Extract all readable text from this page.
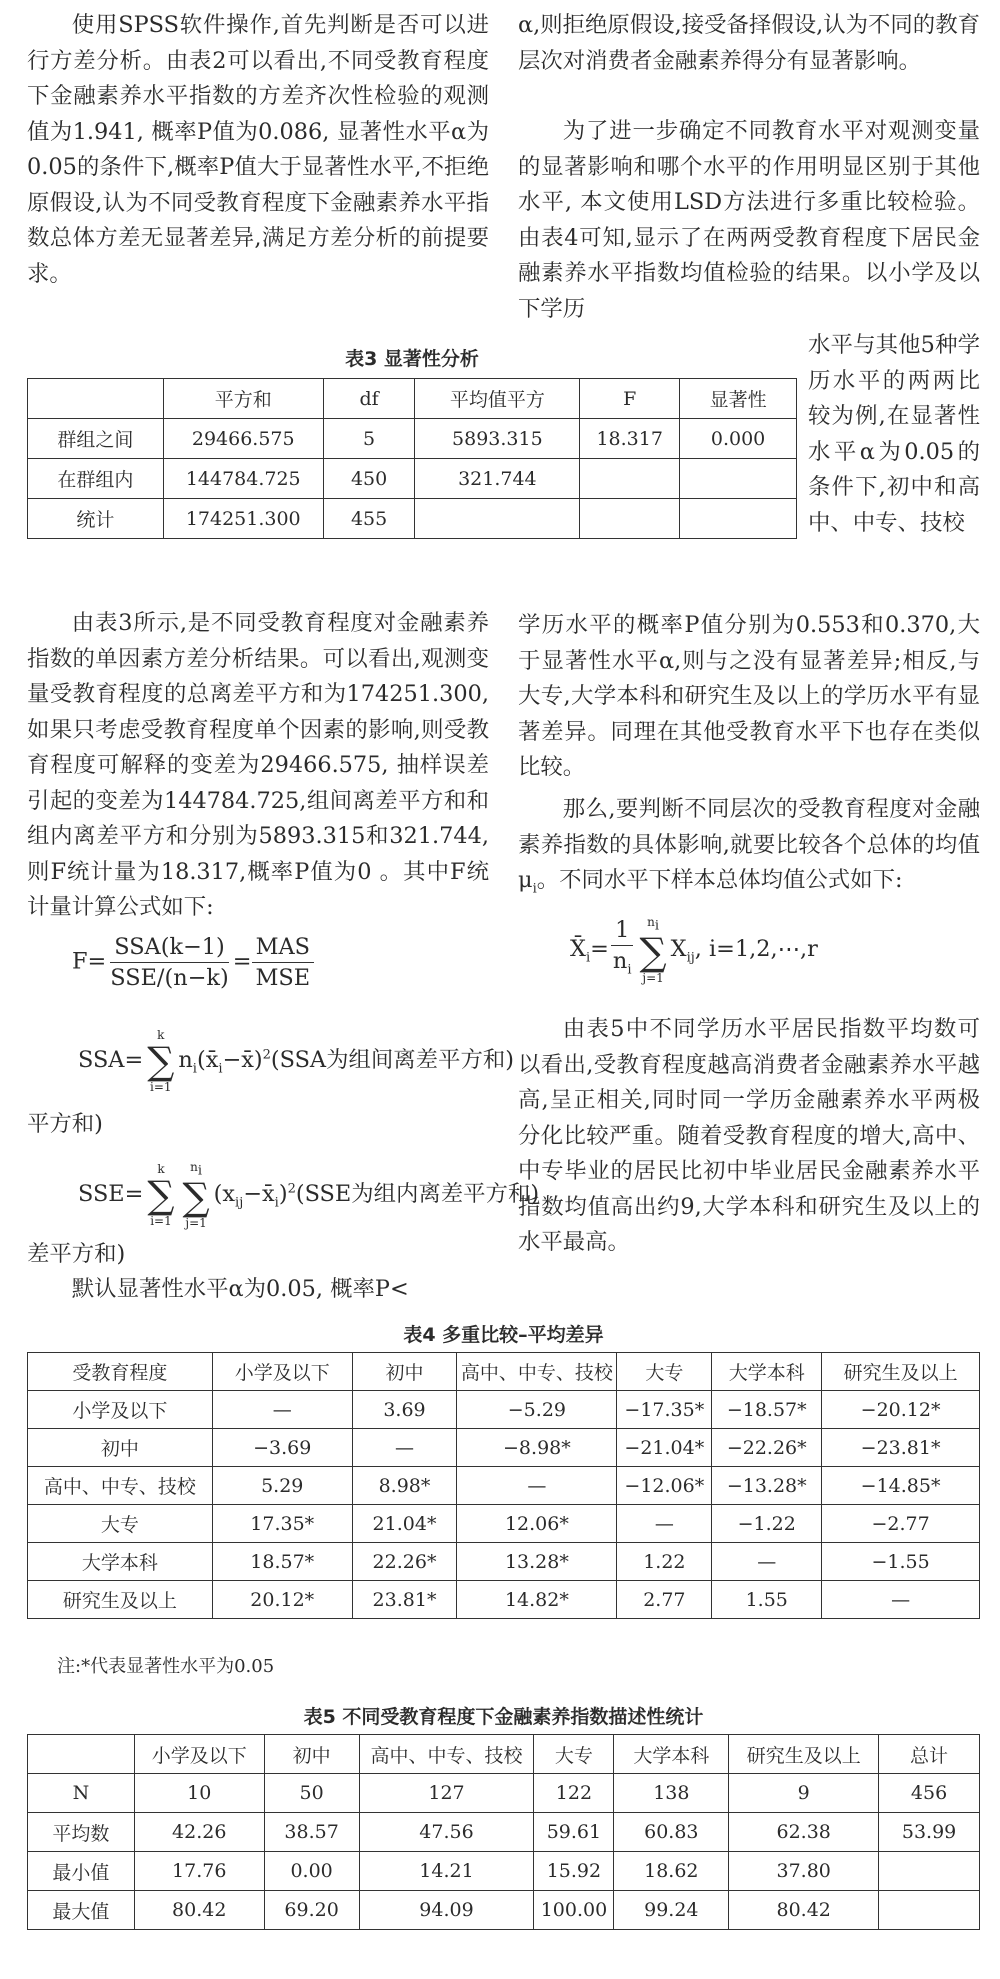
使用SPSS软件操作,首先判断是否可以进行方差分析。由表2可以看出,不同受教育程度下金融素养水平指数的方差齐次性检验的观测值为1.941, 概率P值为0.086, 显著性水平α为0.05的条件下,概率P值大于显著性水平,不拒绝原假设,认为不同受教育程度下金融素养水平指数总体方差无显著差异,满足方差分析的前提要求。

α,则拒绝原假设,接受备择假设,认为不同的教育层次对消费者金融素养得分有显著影响。

为了进一步确定不同教育水平对观测变量的显著影响和哪个水平的作用明显区别于其他水平, 本文使用LSD方法进行多重比较检验。由表4可知,显示了在两两受教育程度下居民金融素养水平指数均值检验的结果。以小学及以下学历

表3 显著性分析
	平方和	df	平均值平方	F	显著性
群组之间	29466.575	5	5893.315	18.317	0.000
在群组内	144784.725	450	321.744		
统计	174251.300	455			

水平与其他5种学历水平的两两比较为例,在显著性水平α为0.05的条件下,初中和高中、中专、技校

由表3所示,是不同受教育程度对金融素养指数的单因素方差分析结果。可以看出,观测变量受教育程度的总离差平方和为174251.300,如果只考虑受教育程度单个因素的影响,则受教育程度可解释的变差为29466.575, 抽样误差引起的变差为144784.725,组间离差平方和和组内离差平方和分别为5893.315和321.744,则F统计量为18.317,概率P值为0 。其中F统计量计算公式如下:

$F= \frac{\text{SSA(k−1)}}{\text{SSE/(n−k)}} = \frac{\text{MAS}}{\text{MSE}}$
SSA=
k
∑
i=1
$n_i(x̄_i-x̄)^2(SSA$为组间离差平方和)
平方和)
SSE=
k
∑
i=1
$n_i$
∑
j=1
$(x_{ij}-x̄_i)^2(SSE$为组内离差平方和)
差平方和)

默认显著性水平α为0.05, 概率P<

学历水平的概率P值分别为0.553和0.370,大于显著性水平α,则与之没有显著差异;相反,与大专,大学本科和研究生及以上的学历水平有显著差异。同理在其他受教育水平下也存在类似比较。

那么,要判断不同层次的受教育程度对金融素养指数的具体影响,就要比较各个总体的均值$\mu_i$。不同水平下样本总体均值公式如下:

$X̄_i= \frac{1}{n_i} n_i$
∑
j=1
$X_{ij}$, i=1,2,⋯,r

由表5中不同学历水平居民指数平均数可以看出,受教育程度越高消费者金融素养水平越高,呈正相关,同时同一学历金融素养水平两极分化比较严重。随着受教育程度的增大,高中、中专毕业的居民比初中毕业居民金融素养水平指数均值高出约9,大学本科和研究生及以上的水平最高。

表4 多重比较–平均差异
受教育程度	小学及以下	初中	高中、中专、技校	大专	大学本科	研究生及以上
小学及以下	—	3.69	−5.29	−17.35*	−18.57*	−20.12*
初中	−3.69	—	−8.98*	−21.04*	−22.26*	−23.81*
高中、中专、技校	5.29	8.98*	—	−12.06*	−13.28*	−14.85*
大专	17.35*	21.04*	12.06*	—	−1.22	−2.77
大学本科	18.57*	22.26*	13.28*	1.22	—	−1.55
研究生及以上	20.12*	23.81*	14.82*	2.77	1.55	—
注:*代表显著性水平为0.05
表5 不同受教育程度下金融素养指数描述性统计
	小学及以下	初中	高中、中专、技校	大专	大学本科	研究生及以上	总计
N	10	50	127	122	138	9	456
平均数	42.26	38.57	47.56	59.61	60.83	62.38	53.99
最小值	17.76	0.00	14.21	15.92	18.62	37.80	
最大值	80.42	69.20	94.09	100.00	99.24	80.42	
